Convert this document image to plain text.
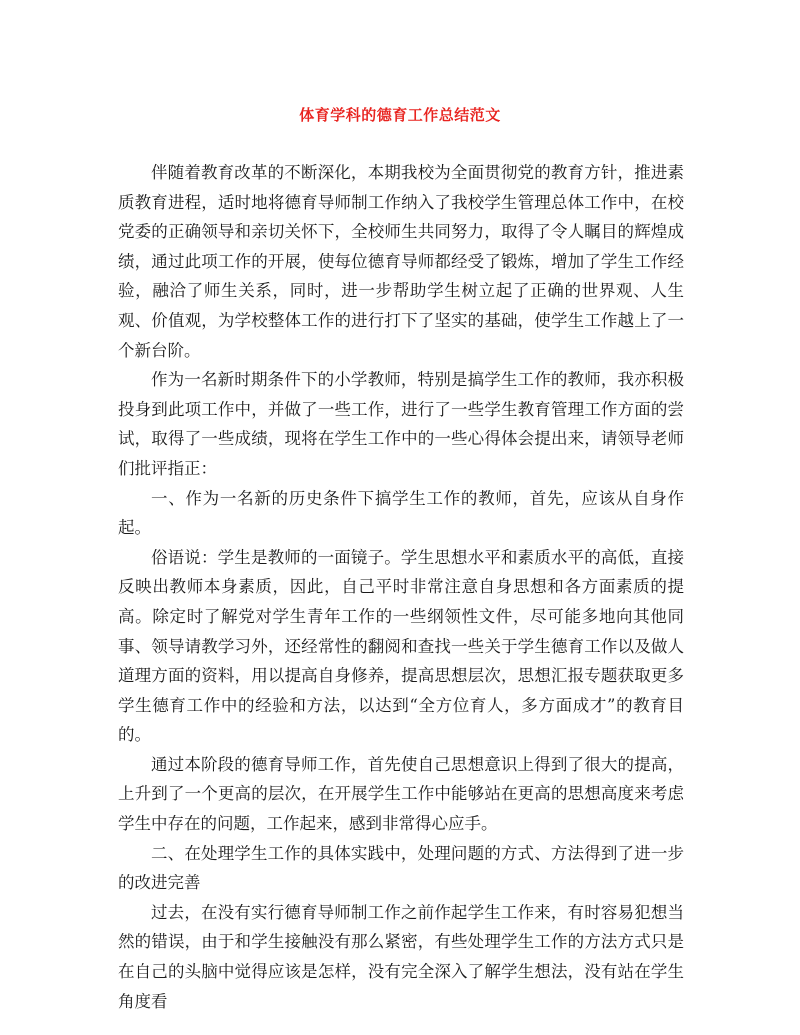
体育学科的德育工作总结范文

伴随着教育改革的不断深化，本期我校为全面贯彻党的教育方针，推进素质教育进程，适时地将德育导师制工作纳入了我校学生管理总体工作中，在校党委的正确领导和亲切关怀下，全校师生共同努力，取得了令人瞩目的辉煌成绩，通过此项工作的开展，使每位德育导师都经受了锻炼，增加了学生工作经验，融洽了师生关系，同时，进一步帮助学生树立起了正确的世界观、人生观、价值观，为学校整体工作的进行打下了坚实的基础，使学生工作越上了一个新台阶。

作为一名新时期条件下的小学教师，特别是搞学生工作的教师，我亦积极投身到此项工作中，并做了一些工作，进行了一些学生教育管理工作方面的尝试，取得了一些成绩，现将在学生工作中的一些心得体会提出来，请领导老师们批评指正：

一、作为一名新的历史条件下搞学生工作的教师，首先，应该从自身作起。

俗语说：学生是教师的一面镜子。学生思想水平和素质水平的高低，直接反映出教师本身素质，因此，自己平时非常注意自身思想和各方面素质的提高。除定时了解党对学生青年工作的一些纲领性文件，尽可能多地向其他同事、领导请教学习外，还经常性的翻阅和查找一些关于学生德育工作以及做人道理方面的资料，用以提高自身修养，提高思想层次，思想汇报专题获取更多学生德育工作中的经验和方法，以达到“全方位育人，多方面成才”的教育目的。

通过本阶段的德育导师工作，首先使自己思想意识上得到了很大的提高，上升到了一个更高的层次，在开展学生工作中能够站在更高的思想高度来考虑学生中存在的问题，工作起来，感到非常得心应手。

二、在处理学生工作的具体实践中，处理问题的方式、方法得到了进一步的改进完善

过去，在没有实行德育导师制工作之前作起学生工作来，有时容易犯想当然的错误，由于和学生接触没有那么紧密，有些处理学生工作的方法方式只是在自己的头脑中觉得应该是怎样，没有完全深入了解学生想法，没有站在学生角度看
